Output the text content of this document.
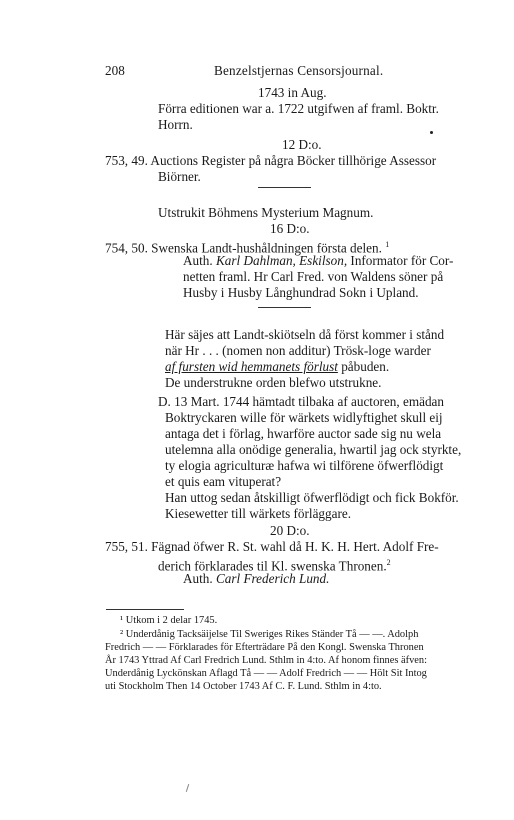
208	Benzelstjernas Censorsjournal.
1743 in Aug.
Förra editionen war a. 1722 utgifwen af framl. Boktr.
Horrn.
12 D:o.
753, 49. Auctions Register på några Böcker tillhörige Assessor
Biörner.
Utstrukit Böhmens Mysterium Magnum.
16 D:o.
754, 50. Swenska Landt-hushåldningen första delen. $^1$
Auth. Karl Dahlman, Eskilson, Informator för Cor-
netten framl. Hr Carl Fred. von Waldens söner på
Husby i Husby Långhundrad Sokn i Upland.
Här säjes att Landt-skiötseln då först kommer i stånd
när Hr . . . (nomen non additur) Trösk-loge warder
af fursten wid hemmanets förlust påbuden.
De understrukne orden blefwo utstrukne.
D. 13 Mart. 1744 hämtadt tilbaka af auctoren, emädan
Boktryckaren wille för wärkets widlyftighet skull eij
antaga det i förlag, hwarföre auctor sade sig nu wela
utelemna alla onödige generalia, hwartil jag ock styrkte,
ty elogia agriculturæ hafwa wi tilförene öfwerflödigt
et quis eam vituperat?
Han uttog sedan åtskilligt öfwerflödigt och fick Bokför.
Kiesewetter till wärkets förläggare.
20 D:o.
755, 51. Fägnad öfwer R. St. wahl då H. K. H. Hert. Adolf Fre-
derich förklarades til Kl. swenska Thronen.$^2$
Auth. Carl Frederich Lund.
¹ Utkom i 2 delar 1745.
² Underdånig Tacksäijelse Til Sweriges Rikes Ständer Tå — —. Adolph
Fredrich — — Förklarades för Efterträdare På den Kongl. Swenska Thronen
År 1743 Yttrad Af Carl Fredrich Lund. Sthlm in 4:to. Af honom finnes äfven:
Underdånig Lyckönskan Aflagd Tå — — Adolf Fredrich — — Hölt Sit Intog
uti Stockholm Then 14 October 1743 Af C. F. Lund. Sthlm in 4:to.
